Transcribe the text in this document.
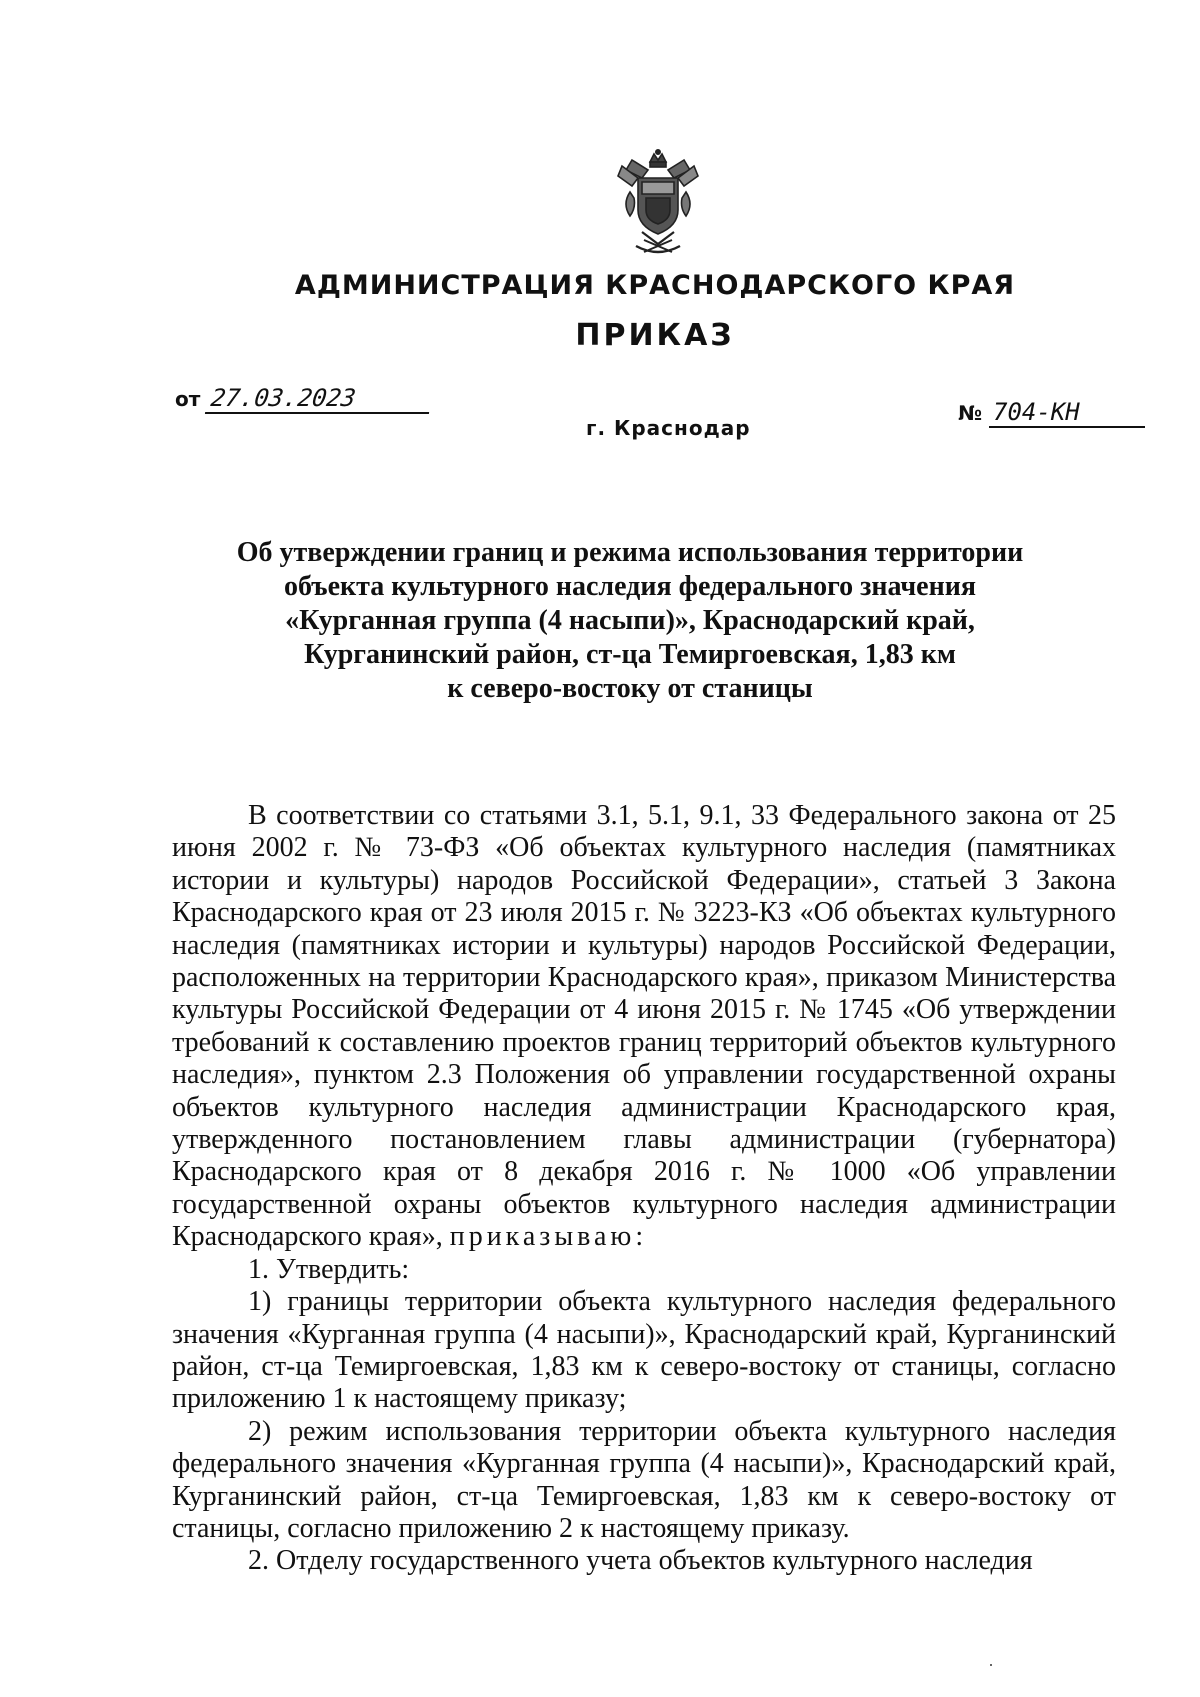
АДМИНИСТРАЦИЯ КРАСНОДАРСКОГО КРАЯ
ПРИКАЗ
от 27.03.2023
г. Краснодар
№ 704-КН
Об утверждении границ и режима использования территории
объекта культурного наследия федерального значения
«Курганная группа (4 насыпи)», Краснодарский край,
Курганинский район, ст-ца Темиргоевская, 1,83 км
к северо-востоку от станицы

В соответствии со статьями 3.1, 5.1, 9.1, 33 Федерального закона от 25 июня 2002 г. № 73-ФЗ «Об объектах культурного наследия (памятниках истории и культуры) народов Российской Федерации», статьей 3 Закона Краснодарского края от 23 июля 2015 г. № 3223-КЗ «Об объектах культурного наследия (памятниках истории и культуры) народов Российской Федерации, расположенных на территории Краснодарского края», приказом Министерства культуры Российской Федерации от 4 июня 2015 г. № 1745 «Об утверждении требований к составлению проектов границ территорий объектов культурного наследия», пунктом 2.3 Положения об управлении государственной охраны объектов культурного наследия администрации Краснодарского края, утвержденного постановлением главы администрации (губернатора) Краснодарского края от 8 декабря 2016 г. № 1000 «Об управлении государственной охраны объектов культурного наследия администрации Краснодарского края», приказываю:

1. Утвердить:

1) границы территории объекта культурного наследия федерального значения «Курганная группа (4 насыпи)», Краснодарский край, Курганинский район, ст-ца Темиргоевская, 1,83 км к северо-востоку от станицы, согласно приложению 1 к настоящему приказу;

2) режим использования территории объекта культурного наследия федерального значения «Курганная группа (4 насыпи)», Краснодарский край, Курганинский район, ст-ца Темиргоевская, 1,83 км к северо-востоку от станицы, согласно приложению 2 к настоящему приказу.

2. Отделу государственного учета объектов культурного наследия
